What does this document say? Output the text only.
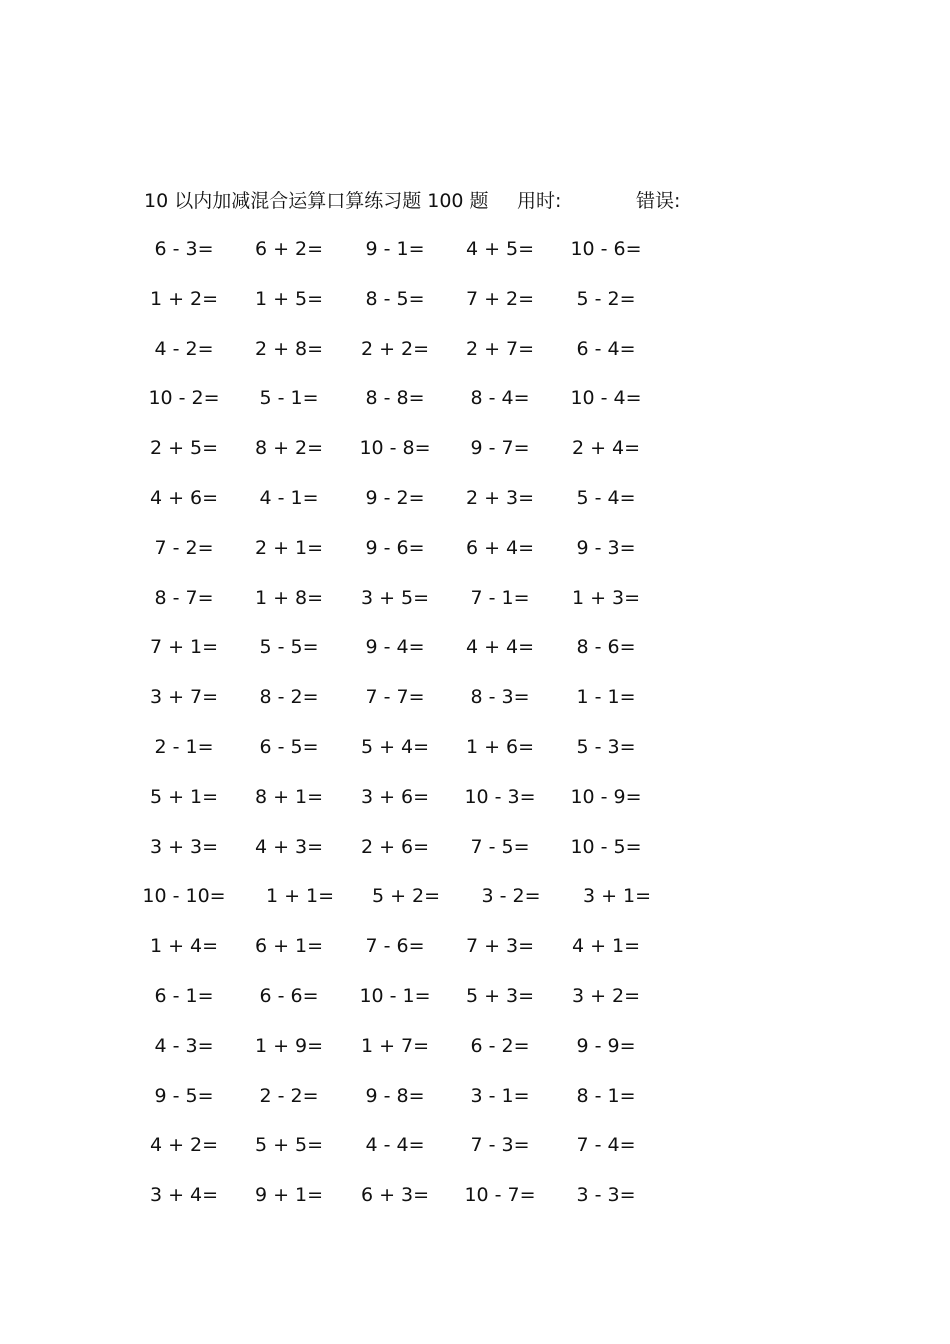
10 以内加减混合运算口算练习题 100 题 用时:	错误:
6 - 3=	6 + 2=	9 - 1=	4 + 5=	10 - 6=
1 + 2=	1 + 5=	8 - 5=	7 + 2=	5 - 2=
4 - 2=	2 + 8=	2 + 2=	2 + 7=	6 - 4=
10 - 2=	5 - 1=	8 - 8=	8 - 4=	10 - 4=
2 + 5=	8 + 2=	10 - 8=	9 - 7=	2 + 4=
4 + 6=	4 - 1=	9 - 2=	2 + 3=	5 - 4=
7 - 2=	2 + 1=	9 - 6=	6 + 4=	9 - 3=
8 - 7=	1 + 8=	3 + 5=	7 - 1=	1 + 3=
7 + 1=	5 - 5=	9 - 4=	4 + 4=	8 - 6=
3 + 7=	8 - 2=	7 - 7=	8 - 3=	1 - 1=
2 - 1=	6 - 5=	5 + 4=	1 + 6=	5 - 3=
5 + 1=	8 + 1=	3 + 6=	10 - 3=	10 - 9=
3 + 3=	4 + 3=	2 + 6=	7 - 5=	10 - 5=
10 - 10=	1 + 1=	5 + 2=	3 - 2=	3 + 1=
1 + 4=	6 + 1=	7 - 6=	7 + 3=	4 + 1=
6 - 1=	6 - 6=	10 - 1=	5 + 3=	3 + 2=
4 - 3=	1 + 9=	1 + 7=	6 - 2=	9 - 9=
9 - 5=	2 - 2=	9 - 8=	3 - 1=	8 - 1=
4 + 2=	5 + 5=	4 - 4=	7 - 3=	7 - 4=
3 + 4=	9 + 1=	6 + 3=	10 - 7=	3 - 3=
